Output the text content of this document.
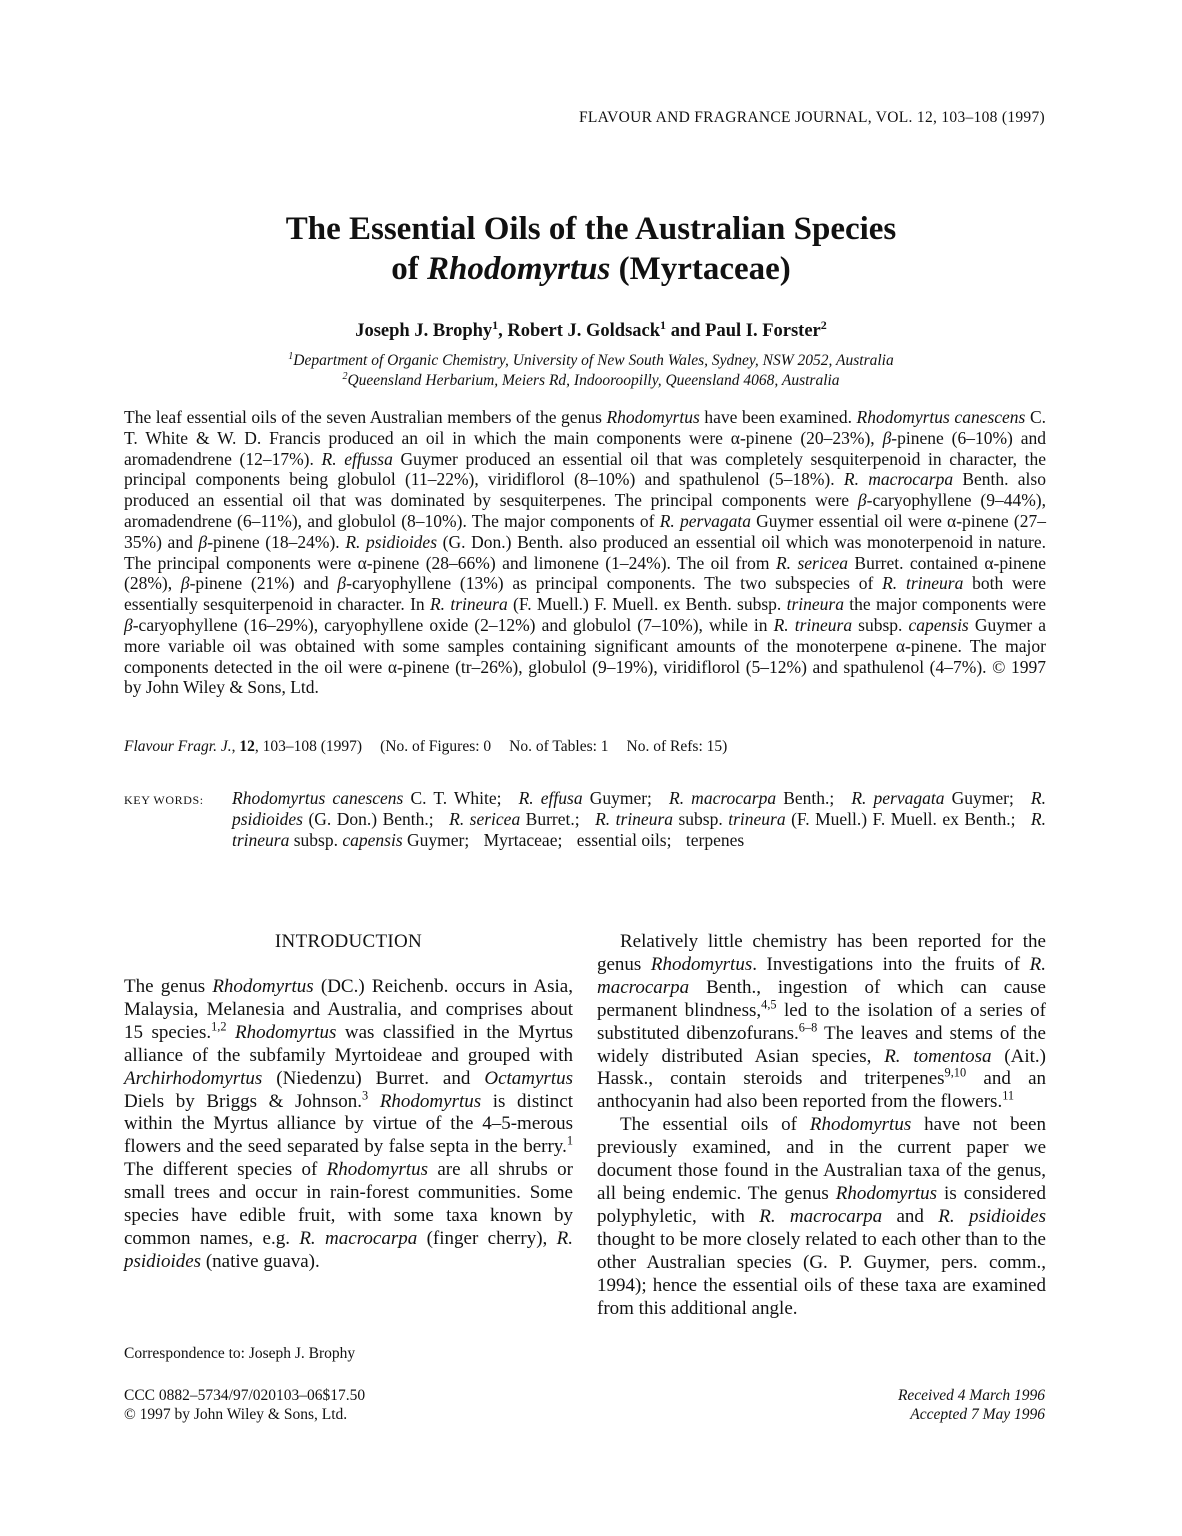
FLAVOUR AND FRAGRANCE JOURNAL, VOL. 12, 103–108 (1997)
The Essential Oils of the Australian Species
of Rhodomyrtus (Myrtaceae)
Joseph J. Brophy$^1$, Robert J. Goldsack$^1$ and Paul I. Forster$^2$
$^1$Department of Organic Chemistry, University of New South Wales, Sydney, NSW 2052, Australia
$^2$Queensland Herbarium, Meiers Rd, Indooroopilly, Queensland 4068, Australia
The leaf essential oils of the seven Australian members of the genus Rhodomyrtus have been examined. Rhodomyrtus canescens C. T. White & W. D. Francis produced an oil in which the main components were α-pinene (20–23%), β-pinene (6–10%) and aromadendrene (12–17%). R. effussa Guymer produced an essential oil that was completely sesquiterpenoid in character, the principal components being globulol (11–22%), viridiflorol (8–10%) and spathulenol (5–18%). R. macrocarpa Benth. also produced an essential oil that was dominated by sesquiterpenes. The principal components were β-caryophyllene (9–44%), aromadendrene (6–11%), and globulol (8–10%). The major components of R. pervagata Guymer essential oil were α-pinene (27–35%) and β-pinene (18–24%). R. psidioides (G. Don.) Benth. also produced an essential oil which was monoterpenoid in nature. The principal components were α-pinene (28–66%) and limonene (1–24%). The oil from R. sericea Burret. contained α-pinene (28%), β-pinene (21%) and β-caryophyllene (13%) as principal components. The two subspecies of R. trineura both were essentially sesquiterpenoid in character. In R. trineura (F. Muell.) F. Muell. ex Benth. subsp. trineura the major components were β-caryophyllene (16–29%), caryophyllene oxide (2–12%) and globulol (7–10%), while in R. trineura subsp. capensis Guymer a more variable oil was obtained with some samples containing significant amounts of the monoterpene α-pinene. The major components detected in the oil were α-pinene (tr–26%), globulol (9–19%), viridiflorol (5–12%) and spathulenol (4–7%). © 1997 by John Wiley & Sons, Ltd.
Flavour Fragr. J., 12, 103–108 (1997) (No. of Figures: 0 No. of Tables: 1 No. of Refs: 15)
KEY WORDS: Rhodomyrtus canescens C. T. White; R. effusa Guymer; R. macrocarpa Benth.; R. pervagata Guymer; R. psidioides (G. Don.) Benth.; R. sericea Burret.; R. trineura subsp. trineura (F. Muell.) F. Muell. ex Benth.; R. trineura subsp. capensis Guymer; Myrtaceae; essential oils; terpenes
INTRODUCTION

The genus Rhodomyrtus (DC.) Reichenb. occurs in Asia, Malaysia, Melanesia and Australia, and comprises about 15 species.$^{1,2}$ Rhodomyrtus was classified in the Myrtus alliance of the subfamily Myrtoideae and grouped with Archirhodomyrtus (Niedenzu) Burret. and Octamyrtus Diels by Briggs & Johnson.$^3$ Rhodomyrtus is distinct within the Myrtus alliance by virtue of the 4–5-merous flowers and the seed separated by false septa in the berry.$^1$ The different species of Rhodomyrtus are all shrubs or small trees and occur in rain-forest communities. Some species have edible fruit, with some taxa known by common names, e.g. R. macrocarpa (finger cherry), R. psidioides (native guava).

Relatively little chemistry has been reported for the genus Rhodomyrtus. Investigations into the fruits of R. macrocarpa Benth., ingestion of which can cause permanent blindness,$^{4,5}$ led to the isolation of a series of substituted dibenzofurans.$^{6-8}$ The leaves and stems of the widely distributed Asian species, R. tomentosa (Ait.) Hassk., contain steroids and triterpenes$^{9,10}$ and an anthocyanin had also been reported from the flowers.$^{11}$

The essential oils of Rhodomyrtus have not been previously examined, and in the current paper we document those found in the Australian taxa of the genus, all being endemic. The genus Rhodomyrtus is considered polyphyletic, with R. macrocarpa and R. psidioides thought to be more closely related to each other than to the other Australian species (G. P. Guymer, pers. comm., 1994); hence the essential oils of these taxa are examined from this additional angle.

Correspondence to: Joseph J. Brophy
CCC 0882–5734/97/020103–06$17.50
© 1997 by John Wiley & Sons, Ltd.
Received 4 March 1996
Accepted 7 May 1996
